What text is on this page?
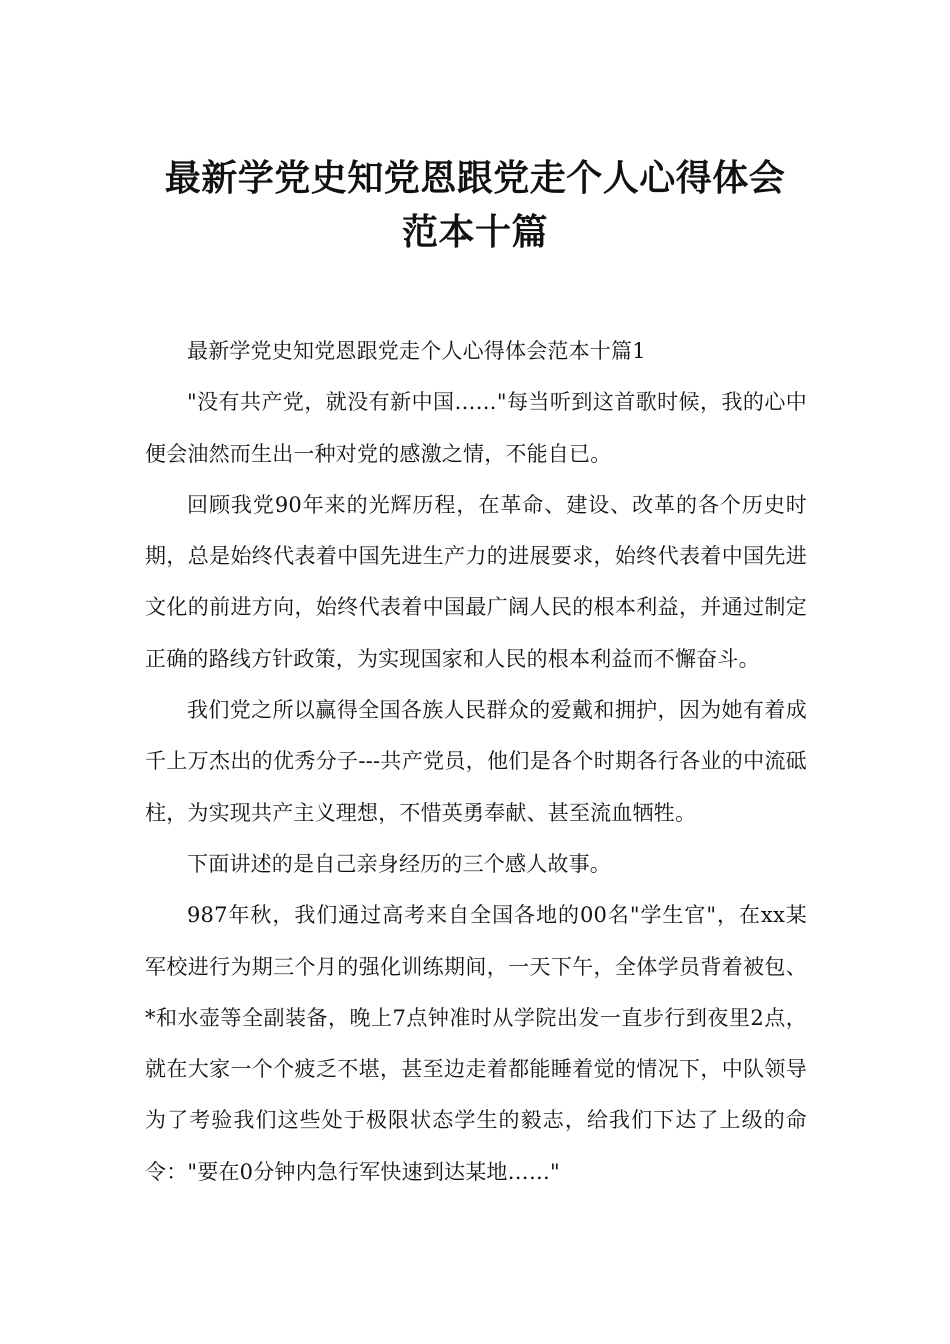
最新学党史知党恩跟党走个人心得体会
范本十篇

最新学党史知党恩跟党走个人心得体会范本十篇1

"没有共产党，就没有新中国……"每当听到这首歌时候，我的心中便会油然而生出一种对党的感激之情，不能自已。

回顾我党90年来的光辉历程，在革命、建设、改革的各个历史时期，总是始终代表着中国先进生产力的进展要求，始终代表着中国先进文化的前进方向，始终代表着中国最广阔人民的根本利益，并通过制定正确的路线方针政策，为实现国家和人民的根本利益而不懈奋斗。

我们党之所以赢得全国各族人民群众的爱戴和拥护，因为她有着成千上万杰出的优秀分子---共产党员，他们是各个时期各行各业的中流砥柱，为实现共产主义理想，不惜英勇奉献、甚至流血牺牲。

下面讲述的是自己亲身经历的三个感人故事。

987年秋，我们通过高考来自全国各地的00名"学生官"，在xx某军校进行为期三个月的强化训练期间，一天下午，全体学员背着被包、*和水壶等全副装备，晚上7点钟准时从学院出发一直步行到夜里2点，就在大家一个个疲乏不堪，甚至边走着都能睡着觉的情况下，中队领导为了考验我们这些处于极限状态学生的毅志，给我们下达了上级的命令："要在0分钟内急行军快速到达某地……"
